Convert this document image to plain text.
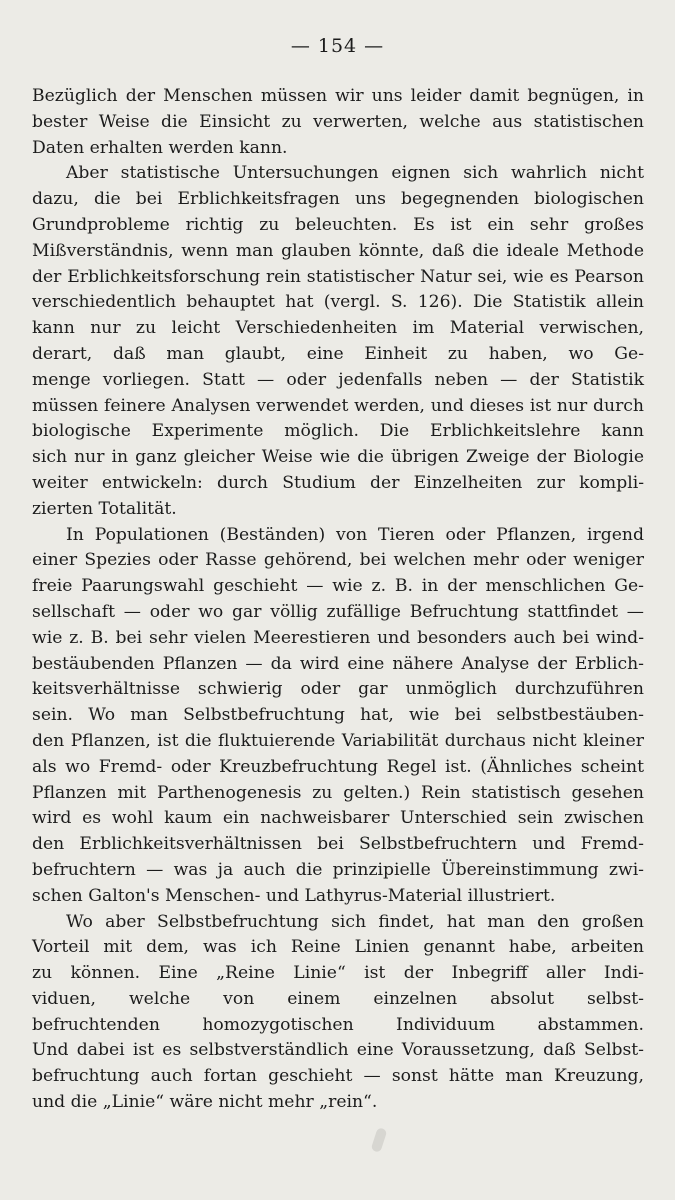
— 154 —
Bezüglich der Menschen müssen wir uns leider damit begnügen, in
bester Weise die Einsicht zu verwerten, welche aus statistischen
Daten erhalten werden kann.
Aber statistische Untersuchungen eignen sich wahrlich nicht
dazu, die bei Erblichkeitsfragen uns begegnenden biologischen
Grundprobleme richtig zu beleuchten. Es ist ein sehr großes
Mißverständnis, wenn man glauben könnte, daß die ideale Methode
der Erblichkeitsforschung rein statistischer Natur sei, wie es Pearson
verschiedentlich behauptet hat (vergl. S. 126). Die Statistik allein
kann nur zu leicht Verschiedenheiten im Material verwischen,
derart, daß man glaubt, eine Einheit zu haben, wo Ge-
menge vorliegen. Statt — oder jedenfalls neben — der Statistik
müssen feinere Analysen verwendet werden, und dieses ist nur durch
biologische Experimente möglich. Die Erblichkeitslehre kann
sich nur in ganz gleicher Weise wie die übrigen Zweige der Biologie
weiter entwickeln: durch Studium der Einzelheiten zur kompli-
zierten Totalität.
In Populationen (Beständen) von Tieren oder Pflanzen, irgend
einer Spezies oder Rasse gehörend, bei welchen mehr oder weniger
freie Paarungswahl geschieht — wie z. B. in der menschlichen Ge-
sellschaft — oder wo gar völlig zufällige Befruchtung stattfindet —
wie z. B. bei sehr vielen Meerestieren und besonders auch bei wind-
bestäubenden Pflanzen — da wird eine nähere Analyse der Erblich-
keitsverhältnisse schwierig oder gar unmöglich durchzuführen
sein. Wo man Selbstbefruchtung hat, wie bei selbstbestäuben-
den Pflanzen, ist die fluktuierende Variabilität durchaus nicht kleiner
als wo Fremd- oder Kreuzbefruchtung Regel ist. (Ähnliches scheint
Pflanzen mit Parthenogenesis zu gelten.) Rein statistisch gesehen
wird es wohl kaum ein nachweisbarer Unterschied sein zwischen
den Erblichkeitsverhältnissen bei Selbstbefruchtern und Fremd-
befruchtern — was ja auch die prinzipielle Übereinstimmung zwi-
schen Galton's Menschen- und Lathyrus-Material illustriert.
Wo aber Selbstbefruchtung sich findet, hat man den großen
Vorteil mit dem, was ich Reine Linien genannt habe, arbeiten
zu können. Eine „Reine Linie“ ist der Inbegriff aller Indi-
viduen, welche von einem einzelnen absolut selbst-
befruchtenden homozygotischen Individuum abstammen.
Und dabei ist es selbstverständlich eine Voraussetzung, daß Selbst-
befruchtung auch fortan geschieht — sonst hätte man Kreuzung,
und die „Linie“ wäre nicht mehr „rein“.
